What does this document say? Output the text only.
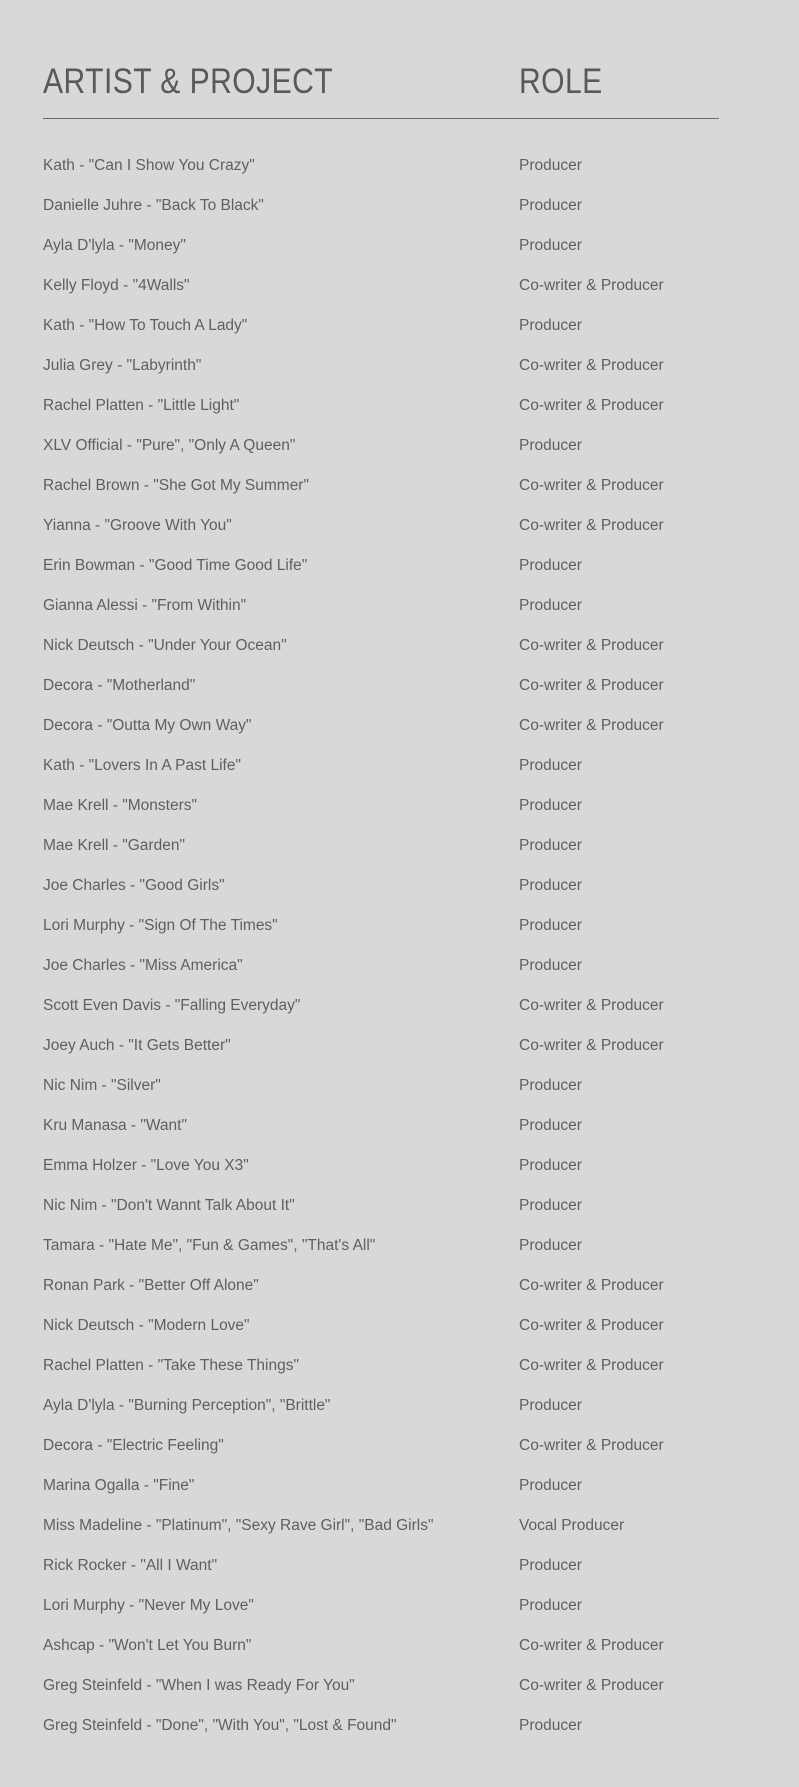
ARTIST & PROJECT	ROLE
Kath - "Can I Show You Crazy"	Producer
Danielle Juhre - "Back To Black"	Producer
Ayla D'lyla - "Money"	Producer
Kelly Floyd - "4Walls"	Co-writer & Producer
Kath - "How To Touch A Lady"	Producer
Julia Grey - "Labyrinth"	Co-writer & Producer
Rachel Platten - "Little Light"	Co-writer & Producer
XLV Official - "Pure", "Only A Queen"	Producer
Rachel Brown - "She Got My Summer"	Co-writer & Producer
Yianna - "Groove With You"	Co-writer & Producer
Erin Bowman - "Good Time Good Life"	Producer
Gianna Alessi - "From Within"	Producer
Nick Deutsch - "Under Your Ocean"	Co-writer & Producer
Decora - "Motherland"	Co-writer & Producer
Decora - "Outta My Own Way"	Co-writer & Producer
Kath - "Lovers In A Past Life"	Producer
Mae Krell - "Monsters"	Producer
Mae Krell - "Garden"	Producer
Joe Charles - "Good Girls"	Producer
Lori Murphy - "Sign Of The Times"	Producer
Joe Charles - "Miss America"	Producer
Scott Even Davis - "Falling Everyday"	Co-writer & Producer
Joey Auch - "It Gets Better"	Co-writer & Producer
Nic Nim - "Silver"	Producer
Kru Manasa - "Want"	Producer
Emma Holzer - "Love You X3"	Producer
Nic Nim - "Don't Wannt Talk About It"	Producer
Tamara - "Hate Me", "Fun & Games", "That's All"	Producer
Ronan Park - "Better Off Alone"	Co-writer & Producer
Nick Deutsch - "Modern Love"	Co-writer & Producer
Rachel Platten - "Take These Things"	Co-writer & Producer
Ayla D'lyla - "Burning Perception", "Brittle"	Producer
Decora - "Electric Feeling"	Co-writer & Producer
Marina Ogalla - "Fine"	Producer
Miss Madeline - "Platinum", "Sexy Rave Girl", "Bad Girls"	Vocal Producer
Rick Rocker - "All I Want"	Producer
Lori Murphy - "Never My Love"	Producer
Ashcap - "Won't Let You Burn"	Co-writer & Producer
Greg Steinfeld - "When I was Ready For You"	Co-writer & Producer
Greg Steinfeld - "Done", "With You", "Lost & Found"	Producer
